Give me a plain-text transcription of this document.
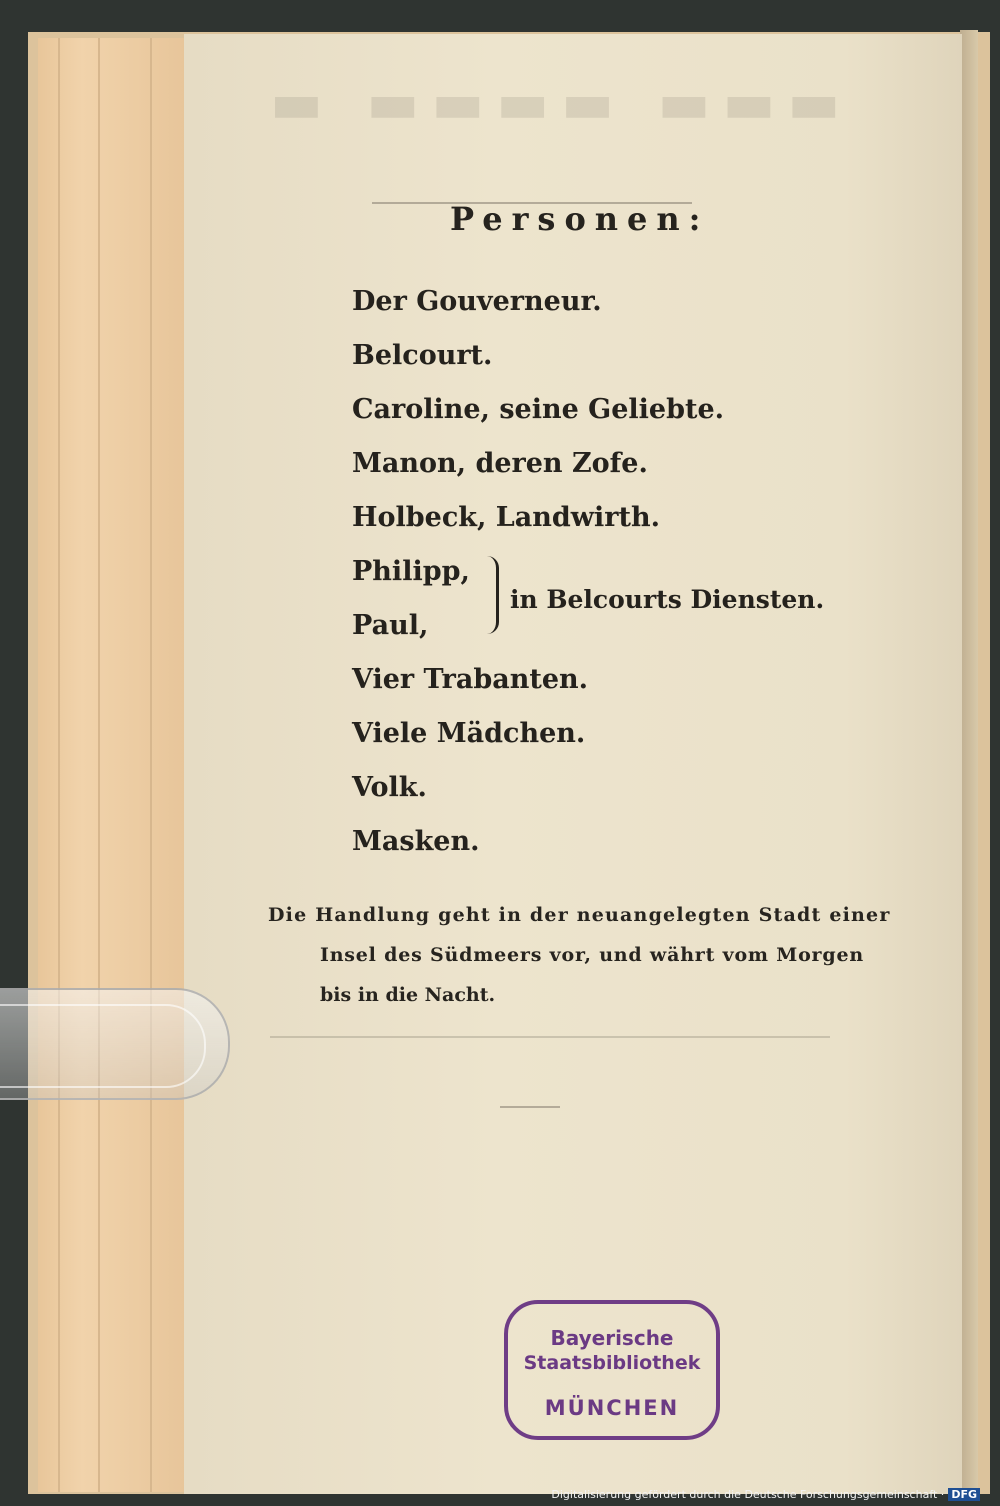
▬ ▬▬▬▬ ▬▬▬
Personen:
Der Gouverneur.
Belcourt.
Caroline, seine Geliebte.
Manon, deren Zofe.
Holbeck, Landwirth.
Philipp,
Paul,
in Belcourts Diensten.
Vier Trabanten.
Viele Mädchen.
Volk.
Masken.
Die Handlung geht in der neuangelegten Stadt einer
Insel des Südmeers vor, und währt vom Morgen
bis in die Nacht.
Bayerische
Staatsbibliothek
MÜNCHEN
Digitalisierung gefördert durch die Deutsche Forschungsgemeinschaft · DFG
